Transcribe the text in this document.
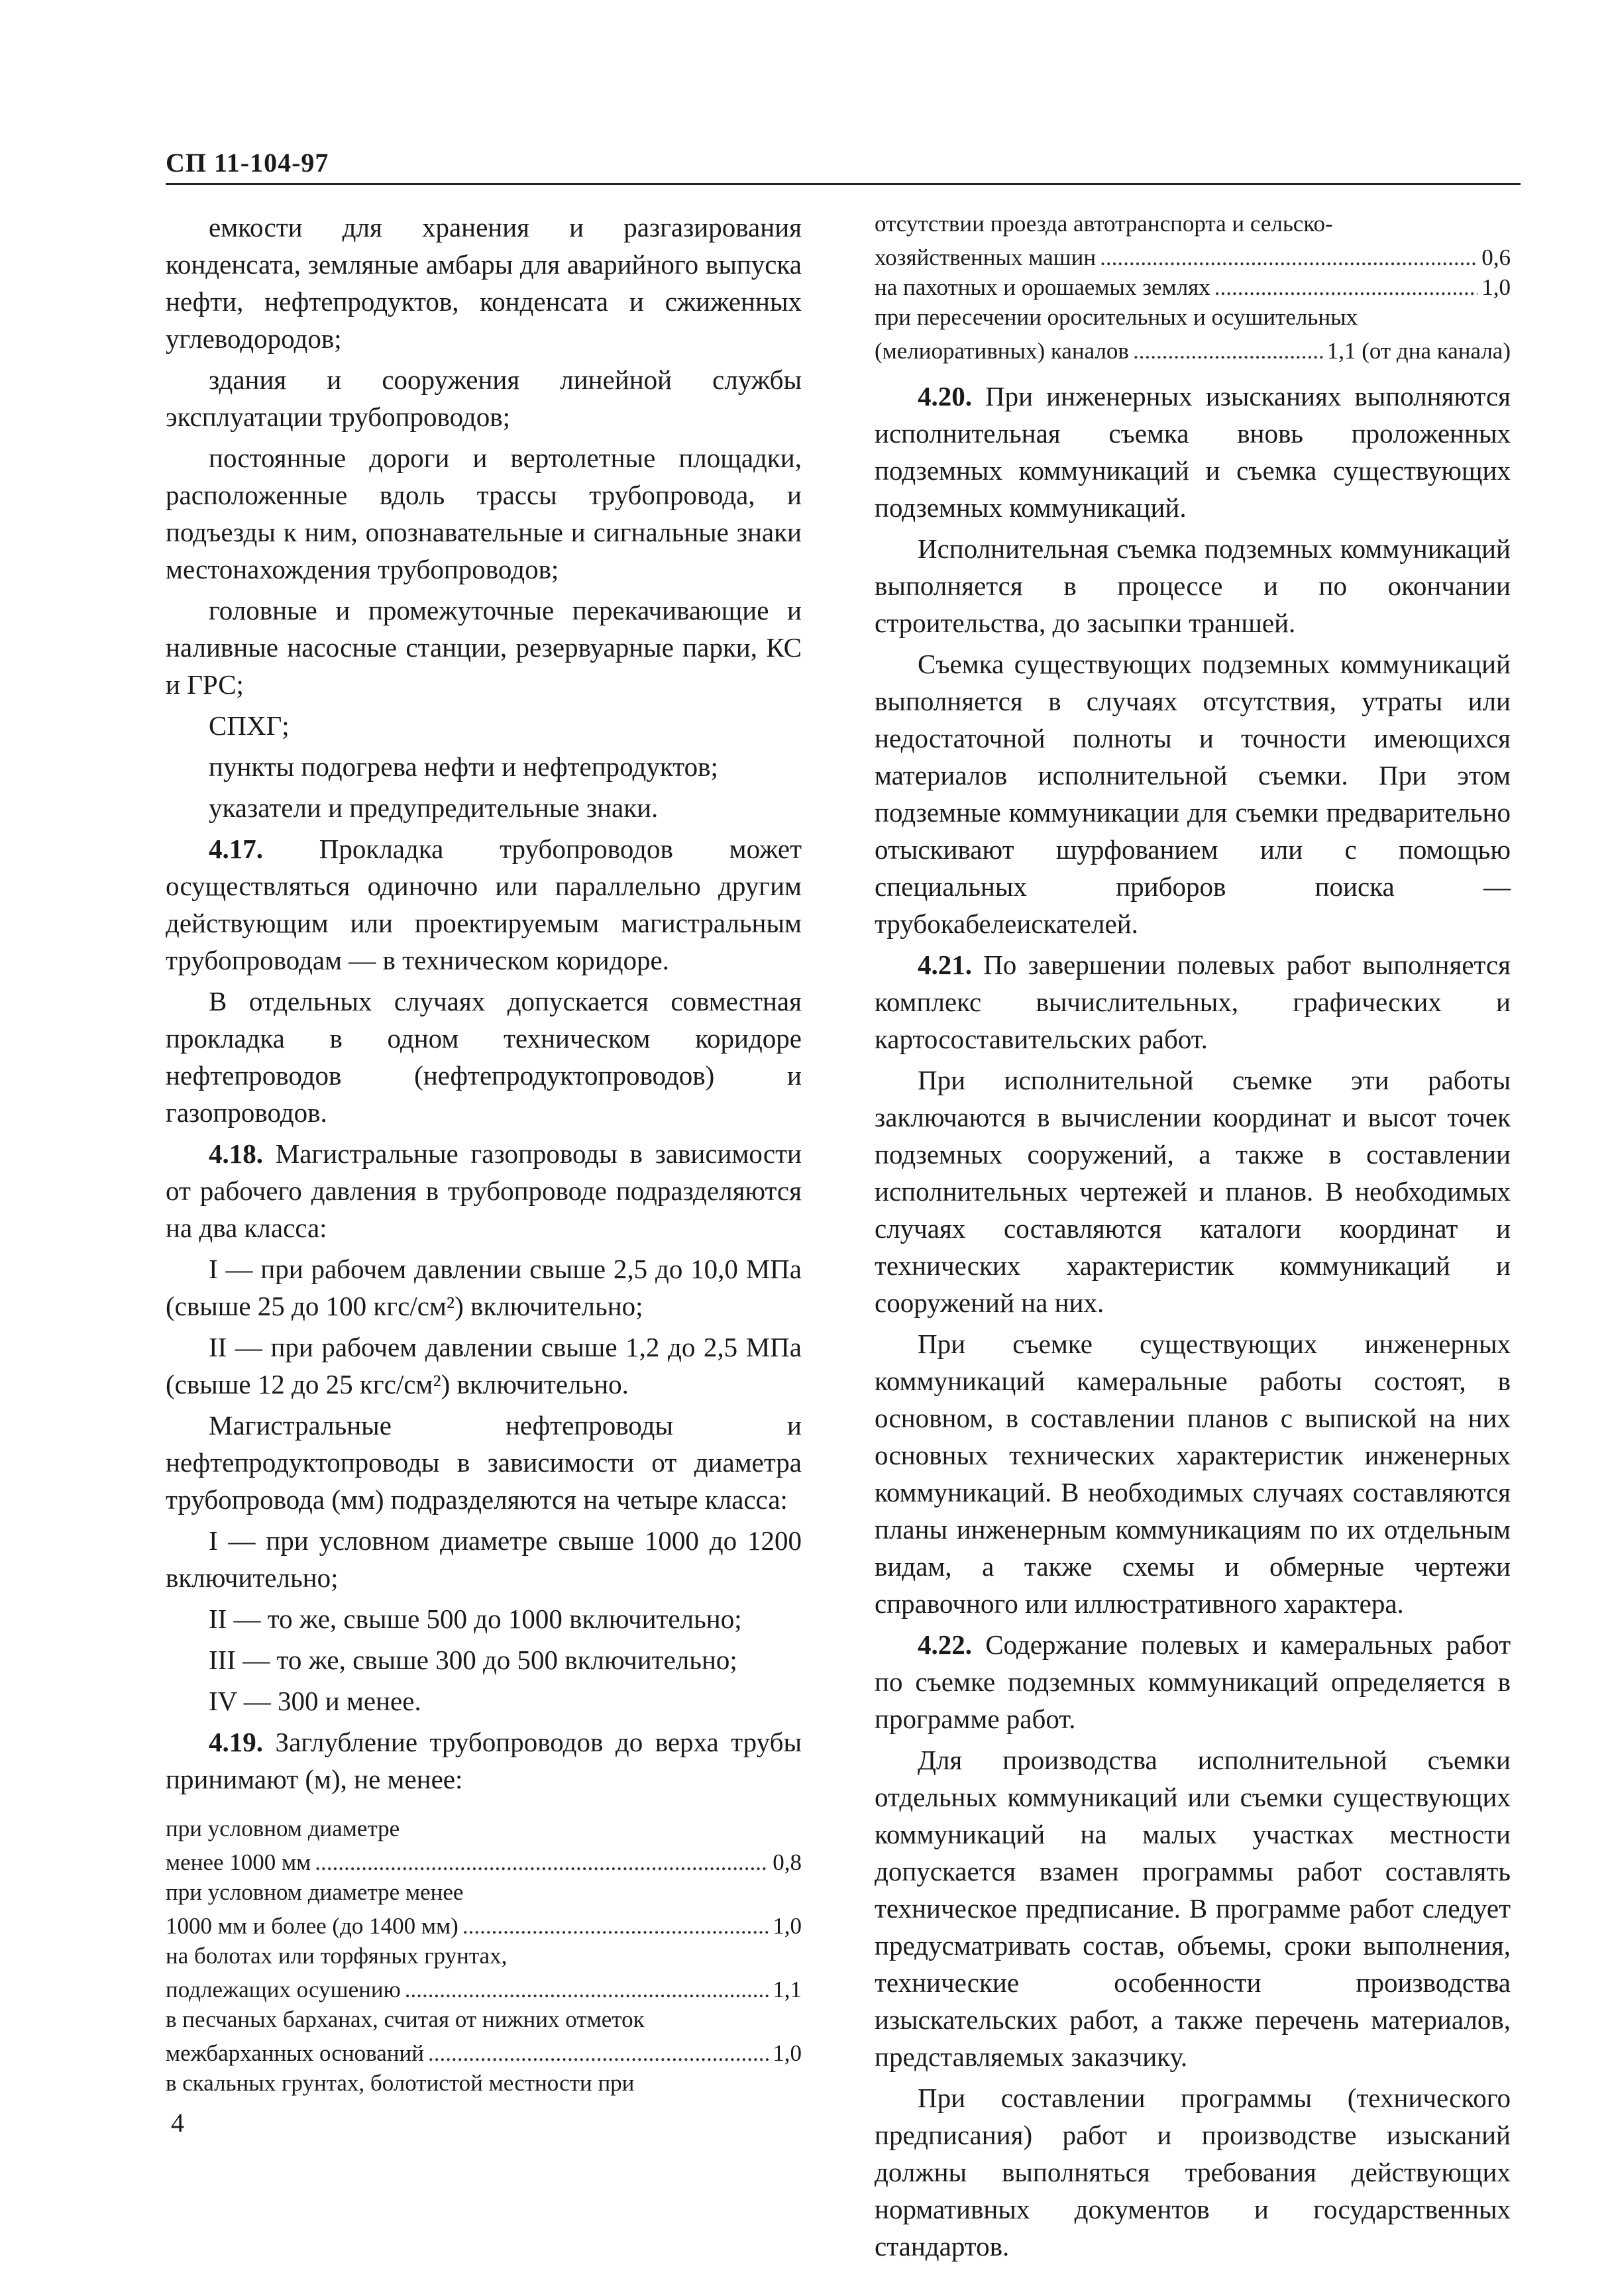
СП 11-104-97

емкости для хранения и разгазирования конденсата, земляные амбары для аварийного выпуска нефти, нефтепродуктов, конденсата и сжиженных углеводородов;

здания и сооружения линейной службы эксплуатации трубопроводов;

постоянные дороги и вертолетные площадки, расположенные вдоль трассы трубопровода, и подъезды к ним, опознавательные и сигнальные знаки местонахождения трубопроводов;

головные и промежуточные перекачивающие и наливные насосные станции, резервуарные парки, КС и ГРС;

СПХГ;

пункты подогрева нефти и нефтепродуктов;

указатели и предупредительные знаки.

4.17. Прокладка трубопроводов может осуществляться одиночно или параллельно другим действующим или проектируемым магистральным трубопроводам — в техническом коридоре.

В отдельных случаях допускается совместная прокладка в одном техническом коридоре нефтепроводов (нефтепродуктопроводов) и газопроводов.

4.18. Магистральные газопроводы в зависимости от рабочего давления в трубопроводе подразделяются на два класса:

I — при рабочем давлении свыше 2,5 до 10,0 МПа (свыше 25 до 100 кгс/см²) включительно;

II — при рабочем давлении свыше 1,2 до 2,5 МПа (свыше 12 до 25 кгс/см²) включительно.

Магистральные нефтепроводы и нефтепродуктопроводы в зависимости от диаметра трубопровода (мм) подразделяются на четыре класса:

I — при условном диаметре свыше 1000 до 1200 включительно;

II — то же, свыше 500 до 1000 включительно;

III — то же, свыше 300 до 500 включительно;

IV — 300 и менее.

4.19. Заглубление трубопроводов до верха трубы принимают (м), не менее:

при условном диаметре

менее 1000 мм .....	0,8

при условном диаметре менее

1000 мм и более (до 1400 мм) .....	1,0

на болотах или торфяных грунтах,

подлежащих осушению .....	1,1

в песчаных барханах, считая от нижних отметок

межбарханных оснований .....	1,0

в скальных грунтах, болотистой местности при

отсутствии проезда автотранспорта и сельско-

хозяйственных машин .....	0,6
на пахотных и орошаемых землях .....	1,0

при пересечении оросительных и осушительных

(мелиоративных) каналов .....	1,1 (от дна канала)

4.20. При инженерных изысканиях выполняются исполнительная съемка вновь проложенных подземных коммуникаций и съемка существующих подземных коммуникаций.

Исполнительная съемка подземных коммуникаций выполняется в процессе и по окончании строительства, до засыпки траншей.

Съемка существующих подземных коммуникаций выполняется в случаях отсутствия, утраты или недостаточной полноты и точности имеющихся материалов исполнительной съемки. При этом подземные коммуникации для съемки предварительно отыскивают шурфованием или с помощью специальных приборов поиска — трубокабелеискателей.

4.21. По завершении полевых работ выполняется комплекс вычислительных, графических и картосоставительских работ.

При исполнительной съемке эти работы заключаются в вычислении координат и высот точек подземных сооружений, а также в составлении исполнительных чертежей и планов. В необходимых случаях составляются каталоги координат и технических характеристик коммуникаций и сооружений на них.

При съемке существующих инженерных коммуникаций камеральные работы состоят, в основном, в составлении планов с выпиской на них основных технических характеристик инженерных коммуникаций. В необходимых случаях составляются планы инженерным коммуникациям по их отдельным видам, а также схемы и обмерные чертежи справочного или иллюстративного характера.

4.22. Содержание полевых и камеральных работ по съемке подземных коммуникаций определяется в программе работ.

Для производства исполнительной съемки отдельных коммуникаций или съемки существующих коммуникаций на малых участках местности допускается взамен программы работ составлять техническое предписание. В программе работ следует предусматривать состав, объемы, сроки выполнения, технические особенности производства изыскательских работ, а также перечень материалов, представляемых заказчику.

При составлении программы (технического предписания) работ и производстве изысканий должны выполняться требования действующих нормативных документов и государственных стандартов.

4
